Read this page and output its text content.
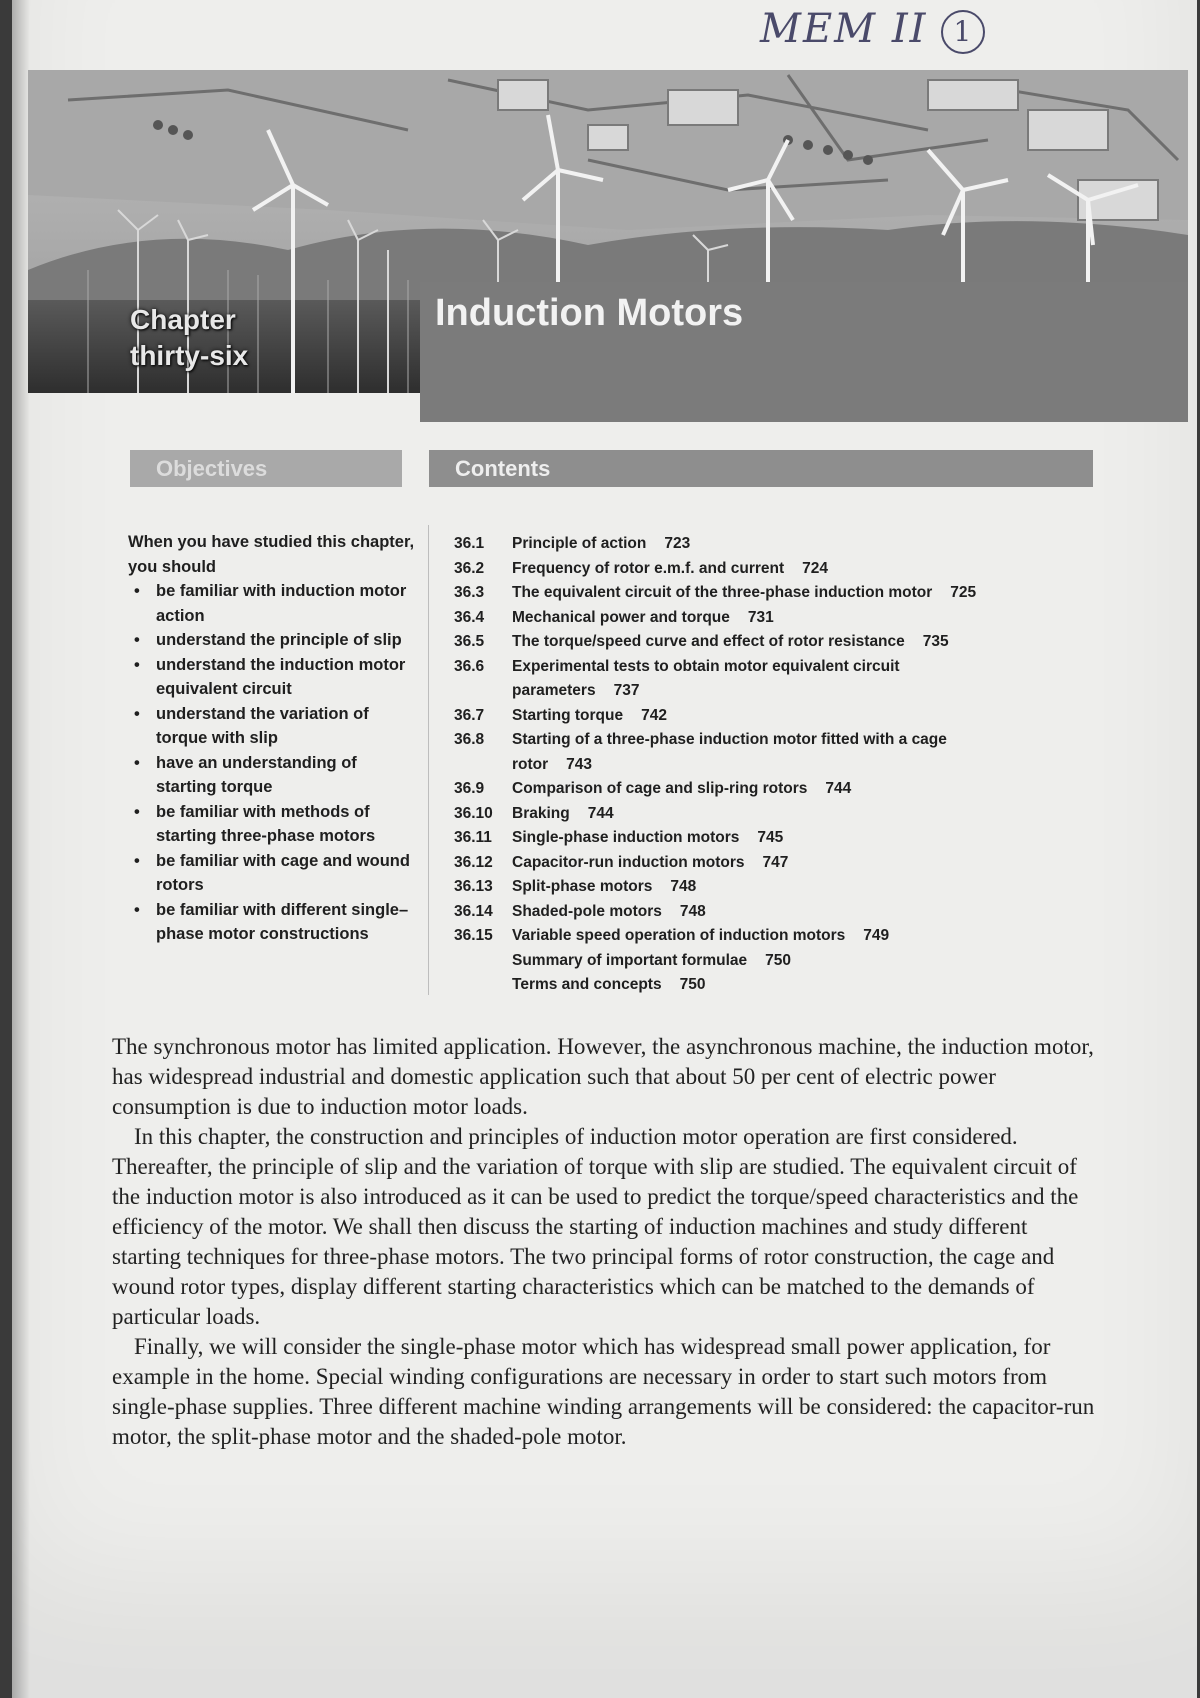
MEM II 1
Chapter
thirty-six
Induction Motors
Objectives	Contents

When you have studied this chapter, you should

• be familiar with induction motor action
• understand the principle of slip
• understand the induction motor equivalent circuit
• understand the variation of torque with slip
• have an understanding of starting torque
• be familiar with methods of starting three-phase motors
• be familiar with cage and wound rotors
• be familiar with different single–phase motor constructions
36.1	Principle of action 723
36.2	Frequency of rotor e.m.f. and current 724
36.3	The equivalent circuit of the three-phase induction motor 725
36.4	Mechanical power and torque 731
36.5	The torque/speed curve and effect of rotor resistance 735
36.6	Experimental tests to obtain motor equivalent circuit parameters 737
36.7	Starting torque 742
36.8	Starting of a three-phase induction motor fitted with a cage rotor 743
36.9	Comparison of cage and slip-ring rotors 744
36.10	Braking 744
36.11	Single-phase induction motors 745
36.12	Capacitor-run induction motors 747
36.13	Split-phase motors 748
36.14	Shaded-pole motors 748
36.15	Variable speed operation of induction motors 749
Summary of important formulae 750
Terms and concepts 750

The synchronous motor has limited application. However, the asynchronous machine, the induction motor, has widespread industrial and domestic application such that about 50 per cent of electric power consumption is due to induction motor loads.

In this chapter, the construction and principles of induction motor operation are first considered. Thereafter, the principle of slip and the variation of torque with slip are studied. The equivalent circuit of the induction motor is also introduced as it can be used to predict the torque/speed characteristics and the efficiency of the motor. We shall then discuss the starting of induction machines and study different starting techniques for three-phase motors. The two principal forms of rotor construction, the cage and wound rotor types, display different starting characteristics which can be matched to the demands of particular loads.

Finally, we will consider the single-phase motor which has widespread small power application, for example in the home. Special winding configurations are necessary in order to start such motors from single-phase supplies. Three different machine winding arrangements will be considered: the capacitor-run motor, the split-phase motor and the shaded-pole motor.
